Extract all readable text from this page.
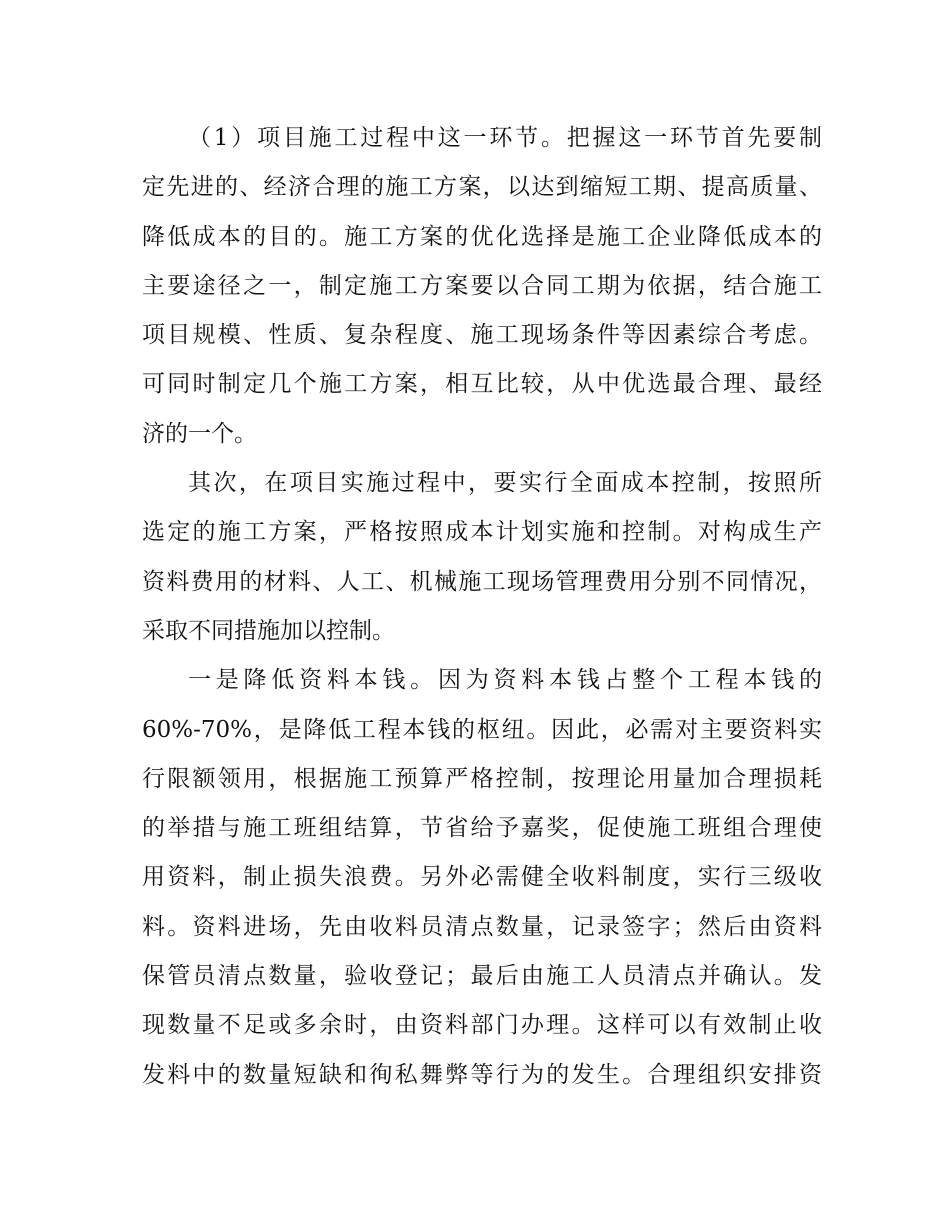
（1）项目施工过程中这一环节。把握这一环节首先要制
定先进的、经济合理的施工方案，以达到缩短工期、提高质量、
降低成本的目的。施工方案的优化选择是施工企业降低成本的
主要途径之一，制定施工方案要以合同工期为依据，结合施工
项目规模、性质、复杂程度、施工现场条件等因素综合考虑。
可同时制定几个施工方案，相互比较，从中优选最合理、最经
济的一个。
其次，在项目实施过程中，要实行全面成本控制，按照所
选定的施工方案，严格按照成本计划实施和控制。对构成生产
资料费用的材料、人工、机械施工现场管理费用分别不同情况，
采取不同措施加以控制。
一是降低资料本钱。因为资料本钱占整个工程本钱的
60%-70%，是降低工程本钱的枢纽。因此，必需对主要资料实
行限额领用，根据施工预算严格控制，按理论用量加合理损耗
的举措与施工班组结算，节省给予嘉奖，促使施工班组合理使
用资料，制止损失浪费。另外必需健全收料制度，实行三级收
料。资料进场，先由收料员清点数量，记录签字；然后由资料
保管员清点数量，验收登记；最后由施工人员清点并确认。发
现数量不足或多余时，由资料部门办理。这样可以有效制止收
发料中的数量短缺和徇私舞弊等行为的发生。合理组织安排资
